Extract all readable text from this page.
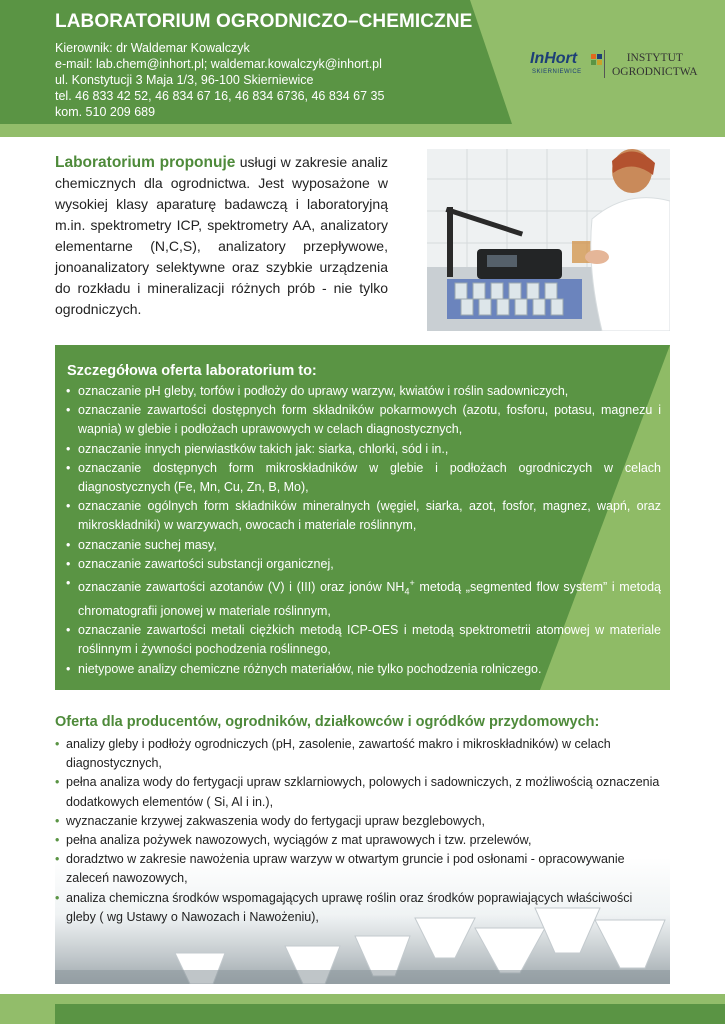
LABORATORIUM OGRODNICZO–CHEMICZNE
Kierownik: dr Waldemar Kowalczyk
e-mail: lab.chem@inhort.pl; waldemar.kowalczyk@inhort.pl
ul. Konstytucji 3 Maja 1/3, 96-100 Skierniewice
tel. 46 833 42 52, 46 834 67 16, 46 834 6736, 46 834 67 35
kom. 510 209 689
InHort
SKIERNIEWICE
INSTYTUT
OGRODNICTWA
Laboratorium proponuje usługi w zakresie analiz chemicznych dla ogrodnictwa. Jest wyposażone w wysokiej klasy aparaturę badawczą i laboratoryjną m.in. spektrometry ICP, spektrometry AA, analizatory elementarne (N,C,S), analizatory przepływowe, jonoanalizatory selektywne oraz szybkie urządzenia do rozkładu i mineralizacji różnych prób - nie tylko ogrodniczych.
Szczegółowa oferta laboratorium to:
• oznaczanie pH gleby, torfów i podłoży do uprawy warzyw, kwiatów i roślin sadowniczych,
• oznaczanie zawartości dostępnych form składników pokarmowych (azotu, fosforu, potasu, magnezu i wapnia) w glebie i podłożach uprawowych w celach diagnostycznych,
• oznaczanie innych pierwiastków takich jak: siarka, chlorki, sód i in.,
• oznaczanie dostępnych form mikroskładników w glebie i podłożach ogrodniczych w celach diagnostycznych (Fe, Mn, Cu, Zn, B, Mo),
• oznaczanie ogólnych form składników mineralnych (węgiel, siarka, azot, fosfor, magnez, wapń, oraz mikroskładniki) w warzywach, owocach i materiale roślinnym,
• oznaczanie suchej masy,
• oznaczanie zawartości substancji organicznej,
• oznaczanie zawartości azotanów (V) i (III) oraz jonów $NH_4^+$ metodą „segmented flow system” i metodą chromatografii jonowej w materiale roślinnym,
• oznaczanie zawartości metali ciężkich metodą ICP-OES i metodą spektrometrii atomowej w materiale roślinnym i żywności pochodzenia roślinnego,
• nietypowe analizy chemiczne różnych materiałów, nie tylko pochodzenia rolniczego.
Oferta dla producentów, ogrodników, działkowców i ogródków przydomowych:
• analizy gleby i podłoży ogrodniczych (pH, zasolenie, zawartość makro i mikroskładników) w celach diagnostycznych,
• pełna analiza wody do fertygacji upraw szklarniowych, polowych i sadowniczych, z możliwością oznaczenia dodatkowych elementów ( Si, Al i in.),
• wyznaczanie krzywej zakwaszenia wody do fertygacji upraw bezglebowych,
• pełna analiza pożywek nawozowych, wyciągów z mat uprawowych i tzw. przelewów,
• doradztwo w zakresie nawożenia upraw warzyw w otwartym gruncie i pod osłonami - opracowywanie zaleceń nawozowych,
• analiza chemiczna środków wspomagających uprawę roślin oraz środków poprawiających właściwości gleby ( wg Ustawy o Nawozach i Nawożeniu),
